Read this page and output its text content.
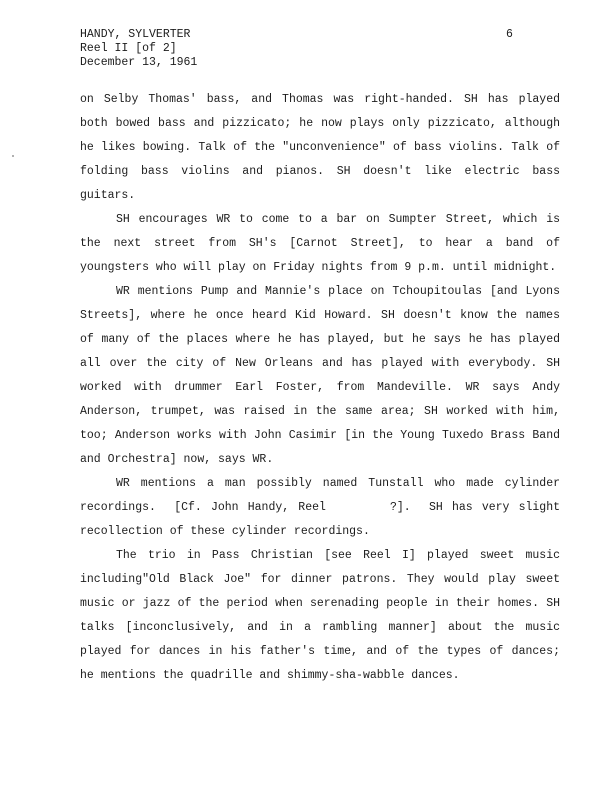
HANDY, SYLVERTER
Reel II [of 2]
December 13, 1961
6

on Selby Thomas' bass, and Thomas was right-handed. SH has played both bowed bass and pizzicato; he now plays only pizzicato, although he likes bowing. Talk of the "unconvenience" of bass violins. Talk of folding bass violins and pianos. SH doesn't like electric bass guitars.

SH encourages WR to come to a bar on Sumpter Street, which is the next street from SH's [Carnot Street], to hear a band of youngsters who will play on Friday nights from 9 p.m. until midnight.

WR mentions Pump and Mannie's place on Tchoupitoulas [and Lyons Streets], where he once heard Kid Howard. SH doesn't know the names of many of the places where he has played, but he says he has played all over the city of New Orleans and has played with everybody. SH worked with drummer Earl Foster, from Mandeville. WR says Andy Anderson, trumpet, was raised in the same area; SH worked with him, too; Anderson works with John Casimir [in the Young Tuxedo Brass Band and Orchestra] now, says WR.

WR mentions a man possibly named Tunstall who made cylinder recordings.  [Cf. John Handy, Reel       ?].  SH has very slight recollection of these cylinder recordings.

The trio in Pass Christian [see Reel I] played sweet music including"Old Black Joe" for dinner patrons. They would play sweet music or jazz of the period when serenading people in their homes. SH talks [inconclusively, and in a rambling manner] about the music played for dances in his father's time, and of the types of dances; he mentions the quadrille and shimmy-sha-wabble dances.
